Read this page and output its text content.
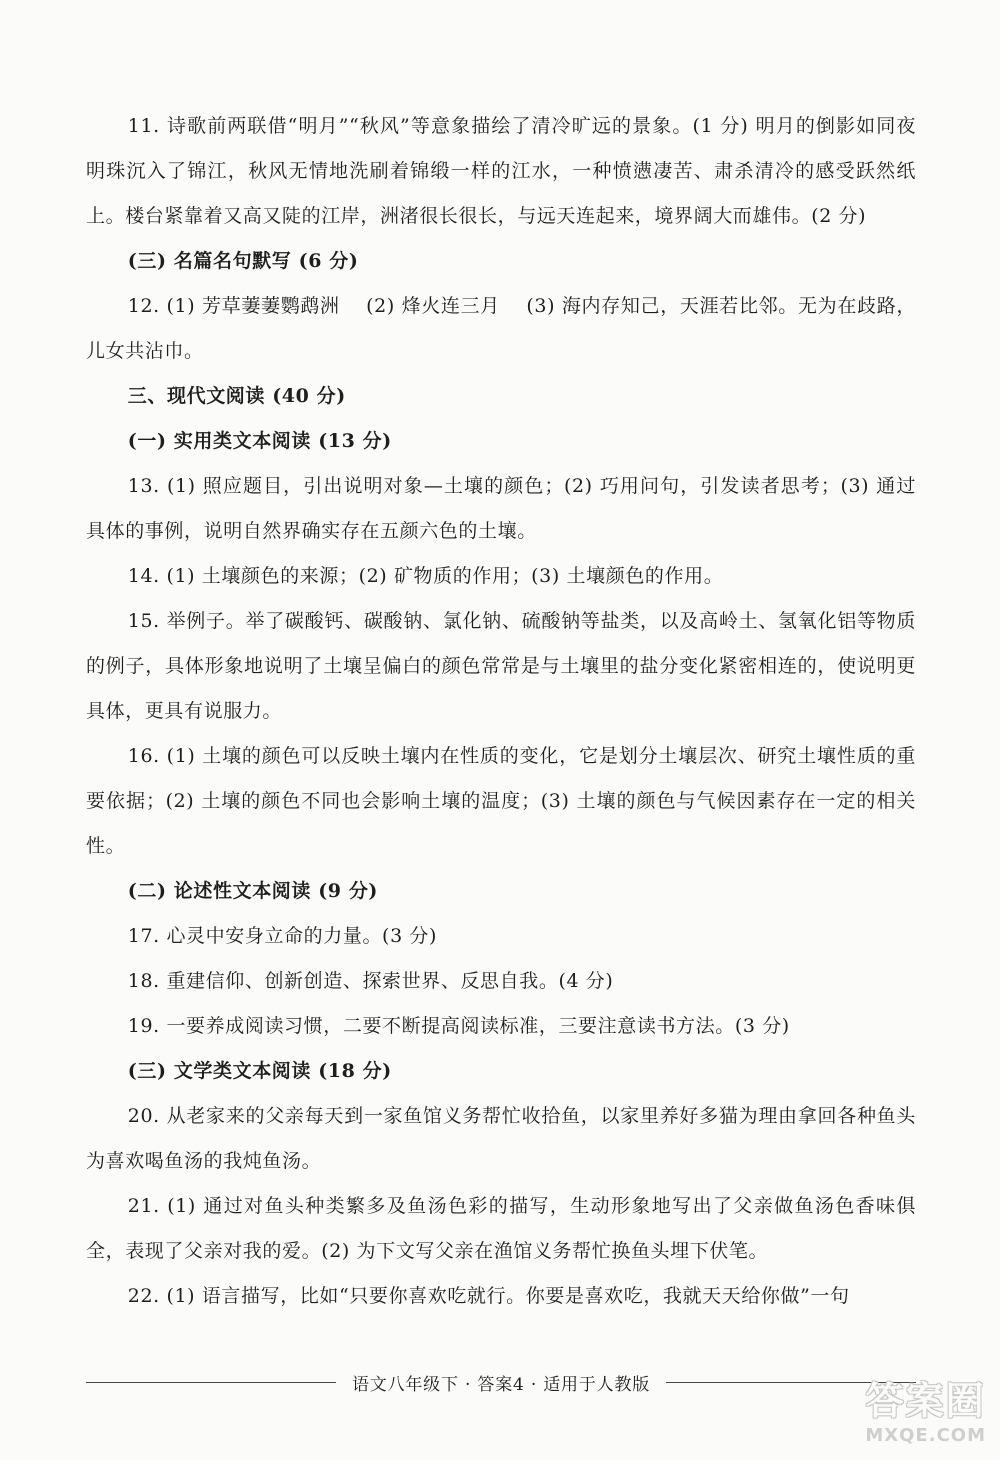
11. 诗歌前两联借“明月”“秋风”等意象描绘了清冷旷远的景象。(1 分) 明月的倒影如同夜明珠沉入了锦江，秋风无情地洗刷着锦缎一样的江水，一种愤懑凄苦、肃杀清冷的感受跃然纸上。楼台紧靠着又高又陡的江岸，洲渚很长很长，与远天连起来，境界阔大而雄伟。(2 分)

(三) 名篇名句默写 (6 分)

12. (1) 芳草萋萋鹦鹉洲　 (2) 烽火连三月　 (3) 海内存知己，天涯若比邻。无为在歧路，儿女共沾巾。

三、现代文阅读 (40 分)

(一) 实用类文本阅读 (13 分)

13. (1) 照应题目，引出说明对象—土壤的颜色；(2) 巧用问句，引发读者思考；(3) 通过具体的事例，说明自然界确实存在五颜六色的土壤。

14. (1) 土壤颜色的来源；(2) 矿物质的作用；(3) 土壤颜色的作用。

15. 举例子。举了碳酸钙、碳酸钠、氯化钠、硫酸钠等盐类，以及高岭土、氢氧化铝等物质的例子，具体形象地说明了土壤呈偏白的颜色常常是与土壤里的盐分变化紧密相连的，使说明更具体，更具有说服力。

16. (1) 土壤的颜色可以反映土壤内在性质的变化，它是划分土壤层次、研究土壤性质的重要依据；(2) 土壤的颜色不同也会影响土壤的温度；(3) 土壤的颜色与气候因素存在一定的相关性。

(二) 论述性文本阅读 (9 分)

17. 心灵中安身立命的力量。(3 分)

18. 重建信仰、创新创造、探索世界、反思自我。(4 分)

19. 一要养成阅读习惯，二要不断提高阅读标准，三要注意读书方法。(3 分)

(三) 文学类文本阅读 (18 分)

20. 从老家来的父亲每天到一家鱼馆义务帮忙收拾鱼，以家里养好多猫为理由拿回各种鱼头为喜欢喝鱼汤的我炖鱼汤。

21. (1) 通过对鱼头种类繁多及鱼汤色彩的描写，生动形象地写出了父亲做鱼汤色香味俱全，表现了父亲对我的爱。(2) 为下文写父亲在渔馆义务帮忙换鱼头埋下伏笔。

22. (1) 语言描写，比如“只要你喜欢吃就行。你要是喜欢吃，我就天天给你做”一句

语文八年级下 · 答案4 · 适用于人教版	答案圈
MXQE.COM
